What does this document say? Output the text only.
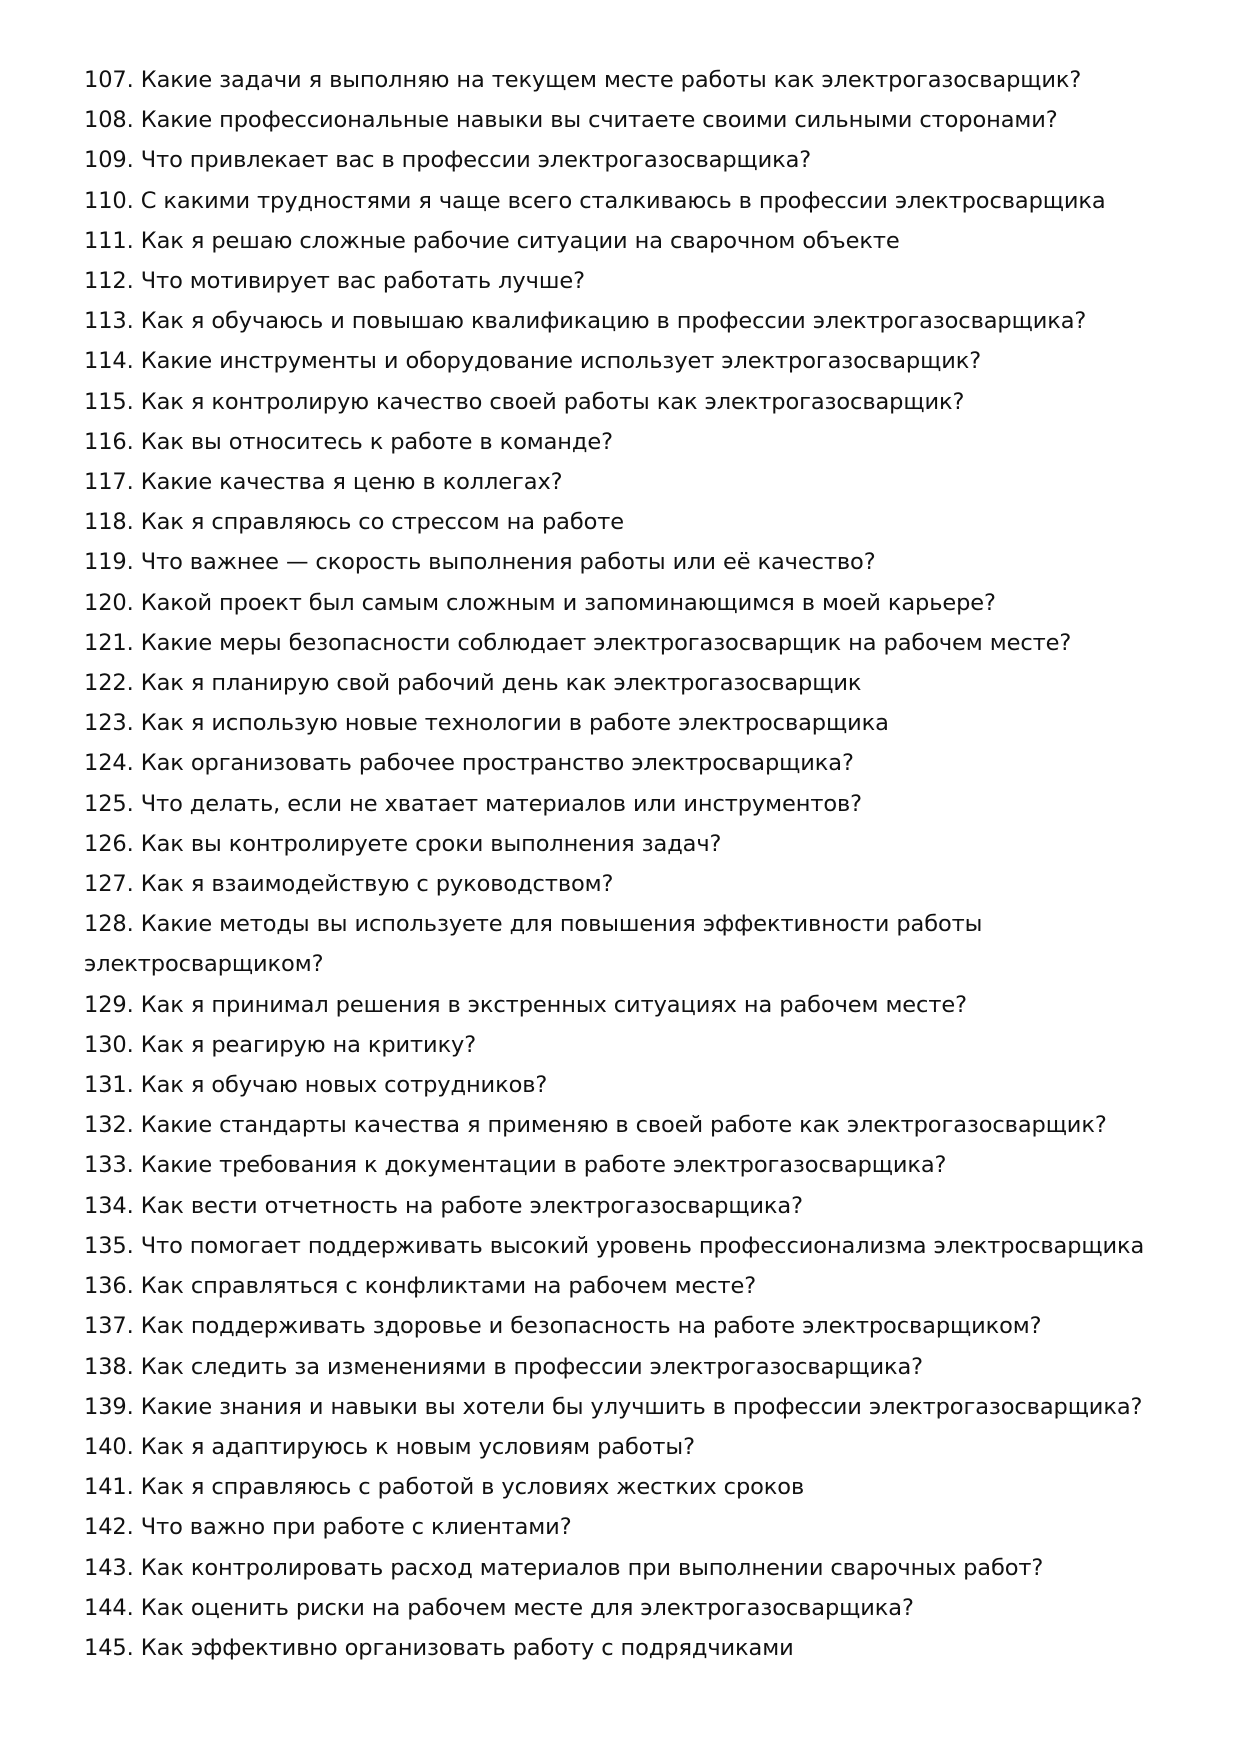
107. Какие задачи я выполняю на текущем месте работы как электрогазосварщик?
108. Какие профессиональные навыки вы считаете своими сильными сторонами?
109. Что привлекает вас в профессии электрогазосварщика?
110. С какими трудностями я чаще всего сталкиваюсь в профессии электросварщика
111. Как я решаю сложные рабочие ситуации на сварочном объекте
112. Что мотивирует вас работать лучше?
113. Как я обучаюсь и повышаю квалификацию в профессии электрогазосварщика?
114. Какие инструменты и оборудование использует электрогазосварщик?
115. Как я контролирую качество своей работы как электрогазосварщик?
116. Как вы относитесь к работе в команде?
117. Какие качества я ценю в коллегах?
118. Как я справляюсь со стрессом на работе
119. Что важнее — скорость выполнения работы или её качество?
120. Какой проект был самым сложным и запоминающимся в моей карьере?
121. Какие меры безопасности соблюдает электрогазосварщик на рабочем месте?
122. Как я планирую свой рабочий день как электрогазосварщик
123. Как я использую новые технологии в работе электросварщика
124. Как организовать рабочее пространство электросварщика?
125. Что делать, если не хватает материалов или инструментов?
126. Как вы контролируете сроки выполнения задач?
127. Как я взаимодействую с руководством?
128. Какие методы вы используете для повышения эффективности работы электросварщиком?
129. Как я принимал решения в экстренных ситуациях на рабочем месте?
130. Как я реагирую на критику?
131. Как я обучаю новых сотрудников?
132. Какие стандарты качества я применяю в своей работе как электрогазосварщик?
133. Какие требования к документации в работе электрогазосварщика?
134. Как вести отчетность на работе электрогазосварщика?
135. Что помогает поддерживать высокий уровень профессионализма электросварщика
136. Как справляться с конфликтами на рабочем месте?
137. Как поддерживать здоровье и безопасность на работе электросварщиком?
138. Как следить за изменениями в профессии электрогазосварщика?
139. Какие знания и навыки вы хотели бы улучшить в профессии электрогазосварщика?
140. Как я адаптируюсь к новым условиям работы?
141. Как я справляюсь с работой в условиях жестких сроков
142. Что важно при работе с клиентами?
143. Как контролировать расход материалов при выполнении сварочных работ?
144. Как оценить риски на рабочем месте для электрогазосварщика?
145. Как эффективно организовать работу с подрядчиками
